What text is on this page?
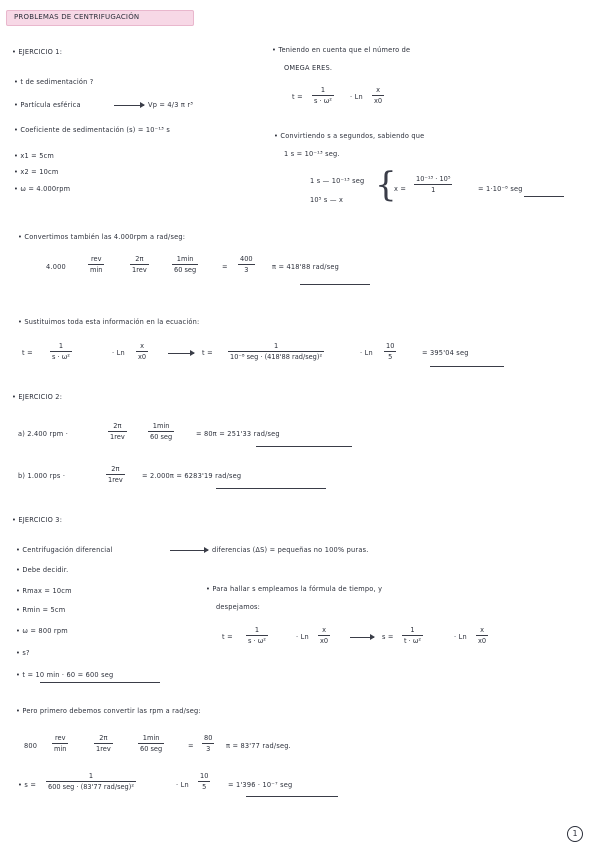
PROBLEMAS DE CENTRIFUGACIÓN
• EJERCICIO 1:
• t de sedimentación ?
• Partícula esférica	Vp = 4/3 π r³
• Coeficiente de sedimentación (s) = 10⁻¹³ s
• x1 = 5cm
• x2 = 10cm
• ω = 4.000rpm
• Teniendo en cuenta que el número de
OMEGA ERES.
t =
1
s · ω²	· Ln
x
x0
• Convirtiendo s a segundos, sabiendo que
1 s = 10⁻¹³ seg.
1 s — 10⁻¹³ seg
10⁵ s — x {
x =
10⁻¹³ · 10⁵
1	= 1·10⁻⁸ seg
• Convertimos también las 4.000rpm a rad/seg:
4.000
rev
min
2π
1rev
1min
60 seg	=
400
3	π = 418'88 rad/seg
• Sustituimos toda esta información en la ecuación:
t =
1
s · ω²	· Ln
x
x0	t =
1
10⁻⁸ seg · (418'88 rad/seg)²	· Ln
10
5	= 395'04 seg
• EJERCICIO 2:
a) 2.400 rpm ·
2π
1rev
1min
60 seg	= 80π = 251'33 rad/seg
b) 1.000 rps ·
2π
1rev	= 2.000π = 6283'19 rad/seg
• EJERCICIO 3:
• Centrifugación diferencial	diferencias (ΔS) = pequeñas no 100% puras.
• Debe decidir.
• Rmax = 10cm
• Rmin = 5cm
• ω = 800 rpm
• s?
• t = 10 min · 60 = 600 seg
• Para hallar s empleamos la fórmula de tiempo, y
despejamos:
t =
1
s · ω²	· Ln
x
x0	s =
1
t · ω²	· Ln
x
x0
• Pero primero debemos convertir las rpm a rad/seg:
800
rev
min
2π
1rev
1min
60 seg	=
80
3	π = 83'77 rad/seg.
• s =
1
600 seg · (83'77 rad/seg)²	· Ln
10
5	= 1'396 · 10⁻⁷ seg
1
